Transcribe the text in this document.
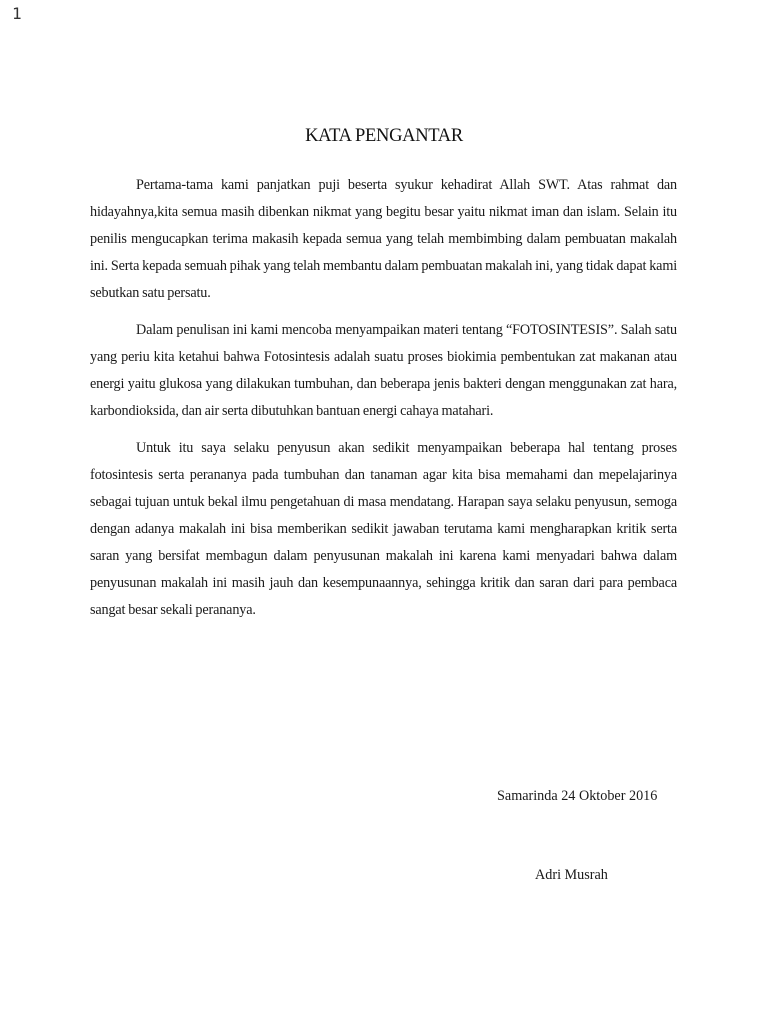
1
KATA PENGANTAR

Pertama-tama kami panjatkan puji beserta syukur kehadirat Allah SWT. Atas rahmat dan hidayahnya,kita semua masih dibenkan nikmat yang begitu besar yaitu nikmat iman dan islam. Selain itu penilis mengucapkan terima makasih kepada semua yang telah membimbing dalam pembuatan makalah ini. Serta kepada semuah pihak yang telah membantu dalam pembuatan makalah ini, yang tidak dapat kami sebutkan satu persatu.

Dalam penulisan ini kami mencoba menyampaikan materi tentang “FOTOSINTESIS”. Salah satu yang periu kita ketahui bahwa Fotosintesis adalah suatu proses biokimia pembentukan zat makanan atau energi yaitu glukosa yang dilakukan tumbuhan, dan beberapa jenis bakteri dengan menggunakan zat hara, karbondioksida, dan air serta dibutuhkan bantuan energi cahaya matahari.

Untuk itu saya selaku penyusun akan sedikit menyampaikan beberapa hal tentang proses fotosintesis serta perananya pada tumbuhan dan tanaman agar kita bisa memahami dan mepelajarinya sebagai tujuan untuk bekal ilmu pengetahuan di masa mendatang. Harapan saya selaku penyusun, semoga dengan adanya makalah ini bisa memberikan sedikit jawaban terutama kami mengharapkan kritik serta saran yang bersifat membagun dalam penyusunan makalah ini karena kami menyadari bahwa dalam penyusunan makalah ini masih jauh dan kesempunaannya, sehingga kritik dan saran dari para pembaca sangat besar sekali perananya.

Samarinda 24 Oktober 2016
Adri Musrah
